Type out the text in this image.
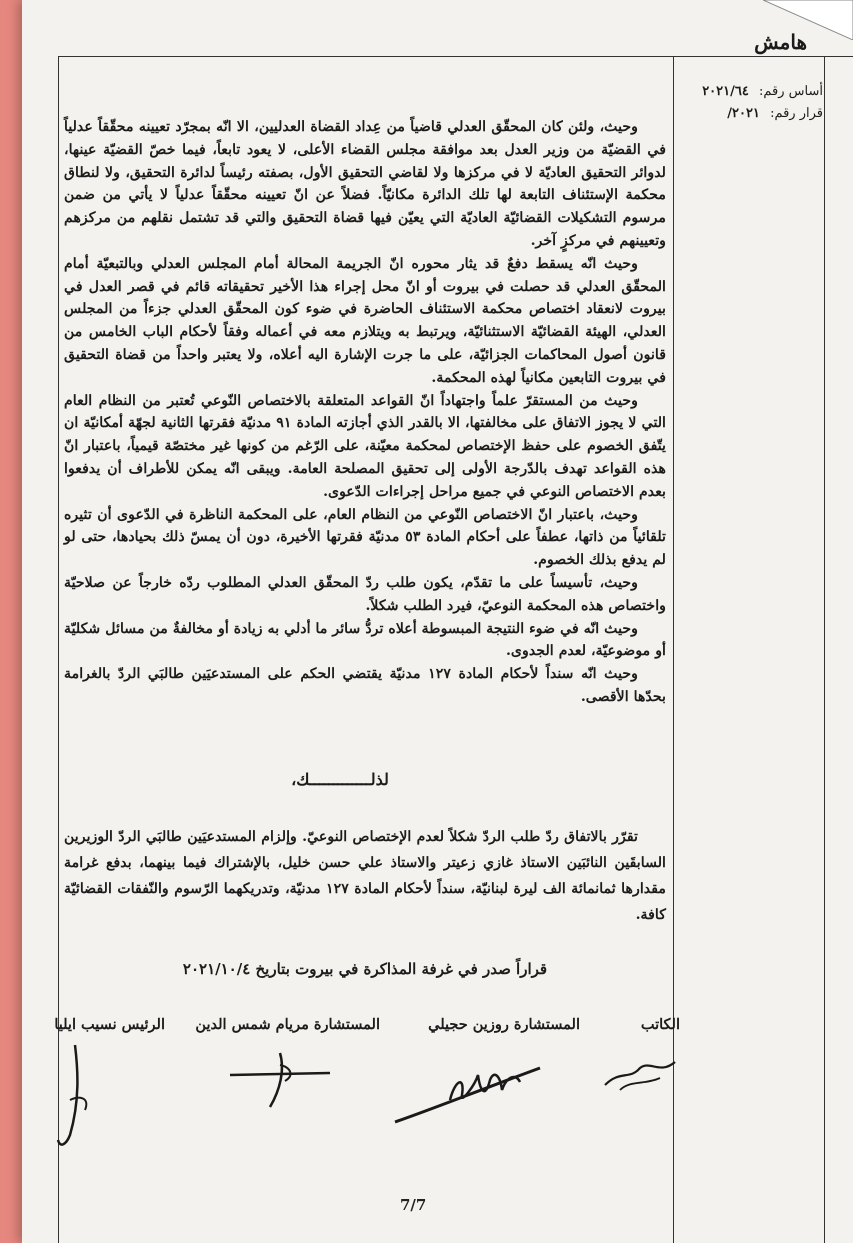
هامش
أساس رقم: ٢٠٢١/٦٤
قرار رقم: ٢٠٢١/

وحيث، ولئن كان المحقّق العدلي قاضياً من عِداد القضاة العدليين، الا انّه بمجرّد تعيينه محقّقاً عدلياً في القضيّة من وزير العدل بعد موافقة مجلس القضاء الأعلى، لا يعود تابعاً، فيما خصّ القضيّة عينها، لدوائر التحقيق العاديّة لا في مركزها ولا لقاضي التحقيق الأول، بصفته رئيساً لدائرة التحقيق، ولا لنطاق محكمة الإستئناف التابعة لها تلك الدائرة مكانيّاً. فضلاً عن انّ تعيينه محقّقاً عدلياً لا يأتي من ضمن مرسوم التشكيلات القضائيّة العاديّة التي يعيّن فيها قضاة التحقيق والتي قد تشتمل نقلهم من مركزهم وتعيينهم في مركزٍ آخر.

وحيث انّه يسقط دفعٌ قد يثار محوره انّ الجريمة المحالة أمام المجلس العدلي وبالتبعيّة أمام المحقّق العدلي قد حصلت في بيروت أو انّ محل إجراء هذا الأخير تحقيقاته قائم في قصر العدل في بيروت لانعقاد اختصاص محكمة الاستئناف الحاضرة في ضوء كون المحقّق العدلي جزءاً من المجلس العدلي، الهيئة القضائيّة الاستثنائيّة، ويرتبط به ويتلازم معه في أعماله وفقاً لأحكام الباب الخامس من قانون أصول المحاكمات الجزائيّة، على ما جرت الإشارة اليه أعلاه، ولا يعتبر واحداً من قضاة التحقيق في بيروت التابعين مكانياً لهذه المحكمة.

وحيث من المستقرّ علماً واجتهاداً انّ القواعد المتعلقة بالاختصاص النّوعي تُعتبر من النظام العام التي لا يجوز الاتفاق على مخالفتها، الا بالقدر الذي أجازته المادة ٩١ مدنيّة فقرتها الثانية لجهّة أمكانيّة ان يتّفق الخصوم على حفظ الإختصاص لمحكمة معيّنة، على الرّغم من كونها غير مختصّة قيمياً، باعتبار انّ هذه القواعد تهدف بالدّرجة الأولى إلى تحقيق المصلحة العامة. ويبقى انّه يمكن للأطراف أن يدفعوا بعدم الاختصاص النوعي في جميع مراحل إجراءات الدّعوى.

وحيث، باعتبار انّ الاختصاص النّوعي من النظام العام، على المحكمة الناظرة في الدّعوى أن تثيره تلقائياً من ذاتها، عطفاً على أحكام المادة ٥٣ مدنيّة فقرتها الأخيرة، دون أن يمسّ ذلك بحيادها، حتى لو لم يدفع بذلك الخصوم.

وحيث، تأسيساً على ما تقدّم، يكون طلب ردّ المحقّق العدلي المطلوب ردّه خارجاً عن صلاحيّة واختصاص هذه المحكمة النوعيّ، فيرد الطلب شكلاً.

وحيث انّه في ضوء النتيجة المبسوطة أعلاه تردُّ سائر ما أدلي به زيادة أو مخالفةٌ من مسائل شكليّة أو موضوعيّة، لعدم الجدوى.

وحيث انّه سنداً لأحكام المادة ١٢٧ مدنيّة يقتضي الحكم على المستدعيَين طالبَي الردّ بالغرامة بحدّها الأقصى.

لذلـــــــــــــك،

تقرّر بالاتفاق ردّ طلب الردّ شكلاً لعدم الإختصاص النوعيّ. وإلزام المستدعيَين طالبَي الردّ الوزيرين السابقَين النائبَين الاستاذ غازي زعيتر والاستاذ علي حسن خليل، بالإشتراك فيما بينهما، بدفع غرامة مقدارها ثمانمائة الف ليرة لبنانيّة، سنداً لأحكام المادة ١٢٧ مدنيّة، وتدريكهما الرّسوم والنّفقات القضائيّة كافة.

قراراً صدر في غرفة المذاكرة في بيروت بتاريخ ٢٠٢١/١٠/٤
الكاتب
المستشارة روزين حجيلي
المستشارة مريام شمس الدين
الرئيس نسيب ايليا
7/7
